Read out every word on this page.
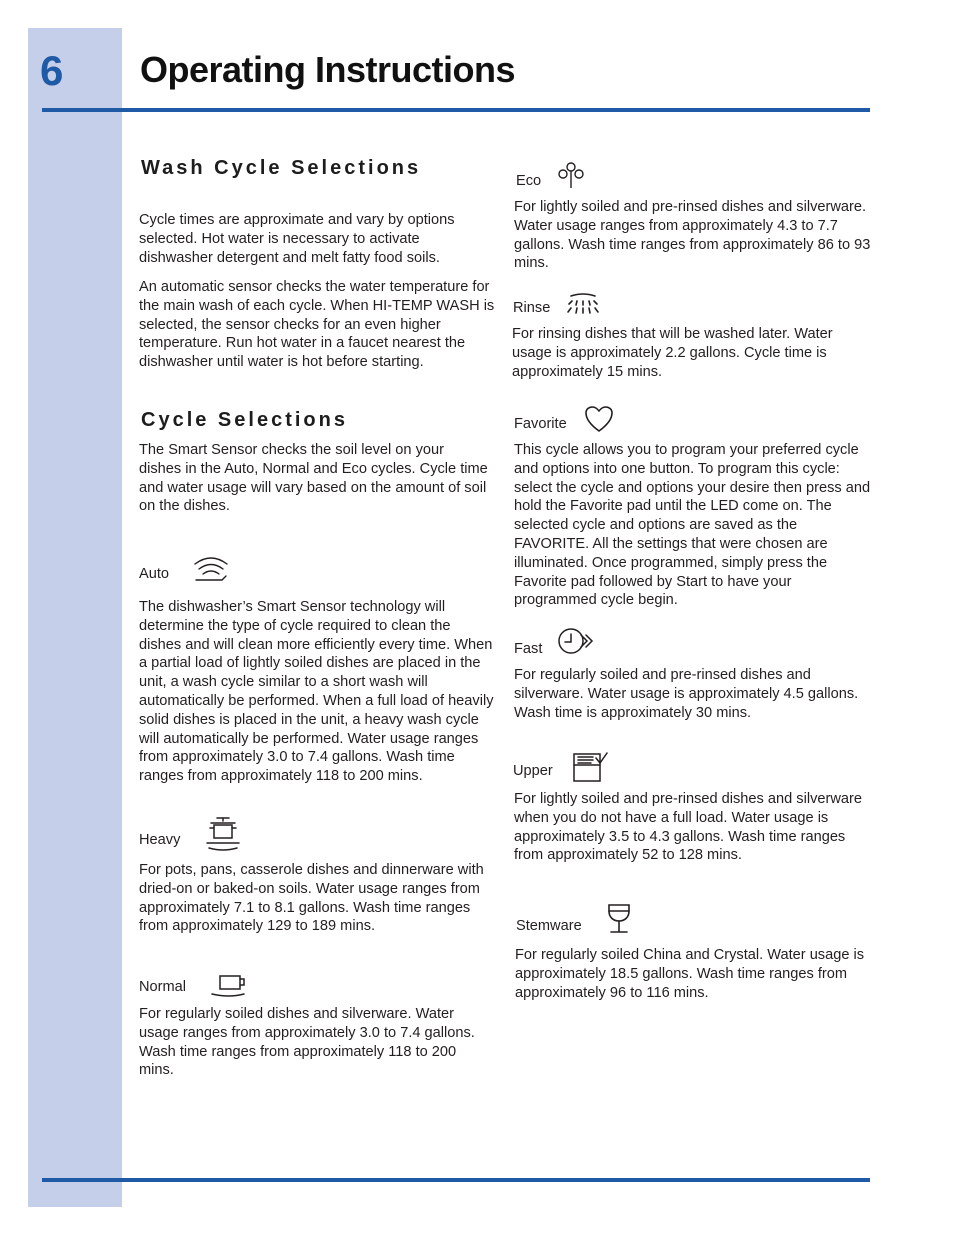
6 Operating Instructions
Wash Cycle Selections

Cycle times are approximate and vary by options selected. Hot water is necessary to activate dishwasher detergent and melt fatty food soils.

An automatic sensor checks the water temperature for the main wash of each cycle. When HI-TEMP WASH is selected, the sensor checks for an even higher temperature. Run hot water in a faucet nearest the dishwasher until water is hot before starting.

Cycle Selections

The Smart Sensor checks the soil level on your dishes in the Auto, Normal and Eco cycles. Cycle time and water usage will vary based on the amount of soil on the dishes.

Auto

The dishwasher’s Smart Sensor technology will determine the type of cycle required to clean the dishes and will clean more efficiently every time. When a partial load of lightly soiled dishes are placed in the unit, a wash cycle similar to a short wash will automatically be performed. When a full load of heavily solid dishes is placed in the unit, a heavy wash cycle will automatically be performed. Water usage ranges from approximately 3.0 to 7.4 gallons. Wash time ranges from approximately 118 to 200 mins.

Heavy

For pots, pans, casserole dishes and dinnerware with dried-on or baked-on soils. Water usage ranges from approximately 7.1 to 8.1 gallons. Wash time ranges from approximately 129 to 189 mins.

Normal

For regularly soiled dishes and silverware. Water usage ranges from approximately 3.0 to 7.4 gallons. Wash time ranges from approximately 118 to 200 mins.

Eco

For lightly soiled and pre-rinsed dishes and silverware. Water usage ranges from approximately 4.3 to 7.7 gallons. Wash time ranges from approximately 86 to 93 mins.

Rinse

For rinsing dishes that will be washed later. Water usage is approximately 2.2 gallons. Cycle time is approximately 15 mins.

Favorite

This cycle allows you to program your preferred cycle and options into one button. To program this cycle: select the cycle and options your desire then press and hold the Favorite pad until the LED come on. The selected cycle and options are saved as the FAVORITE. All the settings that were chosen are illuminated. Once programmed, simply press the Favorite pad followed by Start to have your programmed cycle begin.

Fast

For regularly soiled and pre-rinsed dishes and silverware. Water usage is approximately 4.5 gallons. Wash time is approximately 30 mins.

Upper

For lightly soiled and pre-rinsed dishes and silverware when you do not have a full load. Water usage is approximately 3.5 to 4.3 gallons. Wash time ranges from approximately 52 to 128 mins.

Stemware

For regularly soiled China and Crystal. Water usage is approximately 18.5 gallons. Wash time ranges from approximately 96 to 116 mins.
